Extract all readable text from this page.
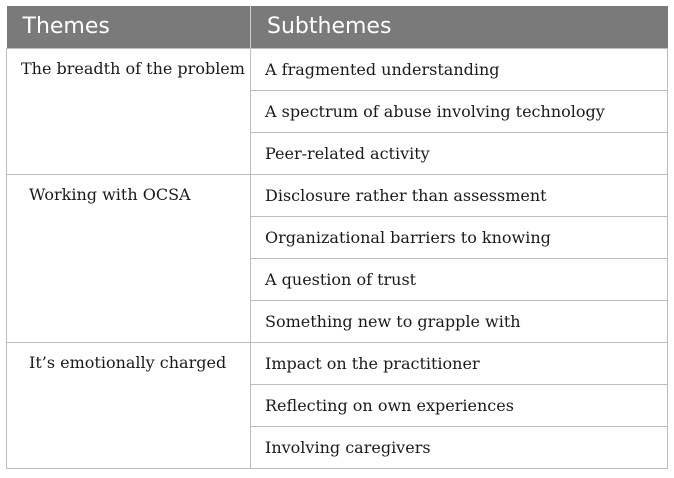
Themes	Subthemes
The breadth of the problem	A fragmented understanding
	A spectrum of abuse involving technology
	Peer-related activity
Working with OCSA	Disclosure rather than assessment
	Organizational barriers to knowing
	A question of trust
	Something new to grapple with
It’s emotionally charged	Impact on the practitioner
	Reflecting on own experiences
	Involving caregivers
